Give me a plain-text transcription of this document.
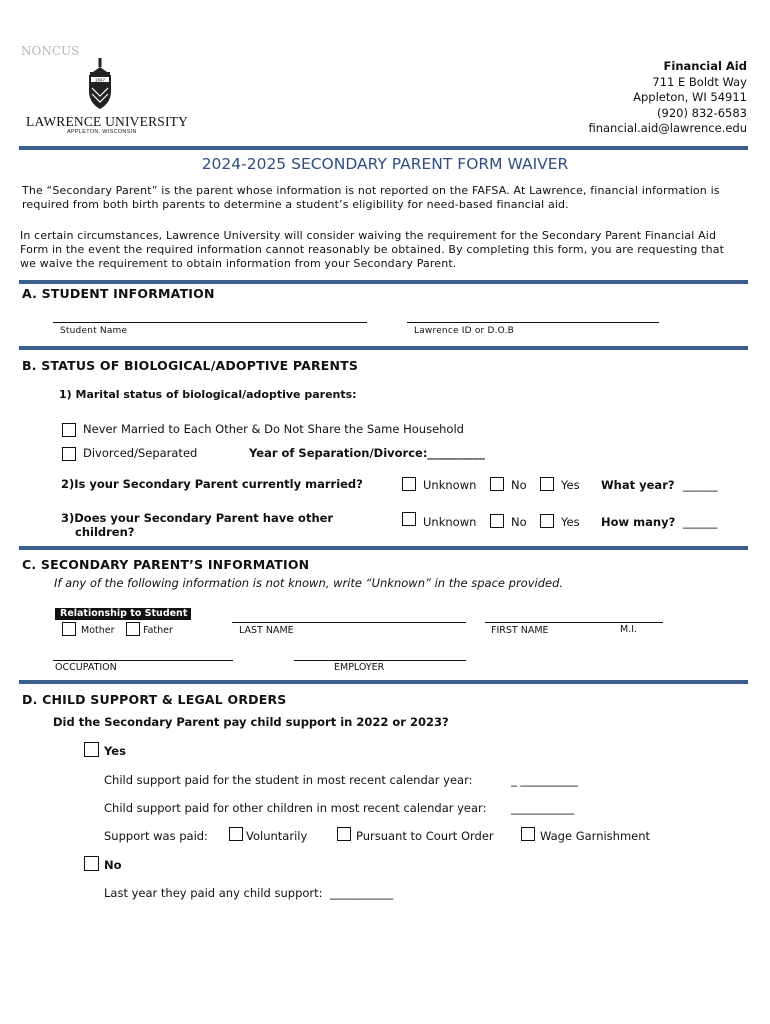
NONCUS
1847
LAWRENCE UNIVERSITY
APPLETON, WISCONSIN
Financial Aid
711 E Boldt Way
Appleton, WI 54911
(920) 832-6583
financial.aid@lawrence.edu
2024-2025 SECONDARY PARENT FORM WAIVER
The “Secondary Parent” is the parent whose information is not reported on the FAFSA. At Lawrence, financial information is required from both birth parents to determine a student’s eligibility for need-based financial aid.
In certain circumstances, Lawrence University will consider waiving the requirement for the Secondary Parent Financial Aid Form in the event the required information cannot reasonably be obtained. By completing this form, you are requesting that we waive the requirement to obtain information from your Secondary Parent.
A. STUDENT INFORMATION
Student Name	Lawrence ID or D.O.B
B. STATUS OF BIOLOGICAL/ADOPTIVE PARENTS
1) Marital status of biological/adoptive parents:
Never Married to Each Other & Do Not Share the Same Household
Divorced/Separated	Year of Separation/Divorce:__________
2)Is your Secondary Parent currently married?	Unknown	No	Yes What year? ______
3)Does your Secondary Parent have other
children?
Unknown	No	Yes How many? ______
C. SECONDARY PARENT’S INFORMATION
If any of the following information is not known, write “Unknown” in the space provided.
Relationship to Student
Mother	Father	LAST NAME	FIRST NAME	M.I.
OCCUPATION	EMPLOYER
D. CHILD SUPPORT & LEGAL ORDERS
Did the Secondary Parent pay child support in 2022 or 2023?
Yes
Child support paid for the student in most recent calendar year:	_ __________
Child support paid for other children in most recent calendar year: ___________
Support was paid:	Voluntarily	Pursuant to Court Order	Wage Garnishment
No
Last year they paid any child support: ___________
